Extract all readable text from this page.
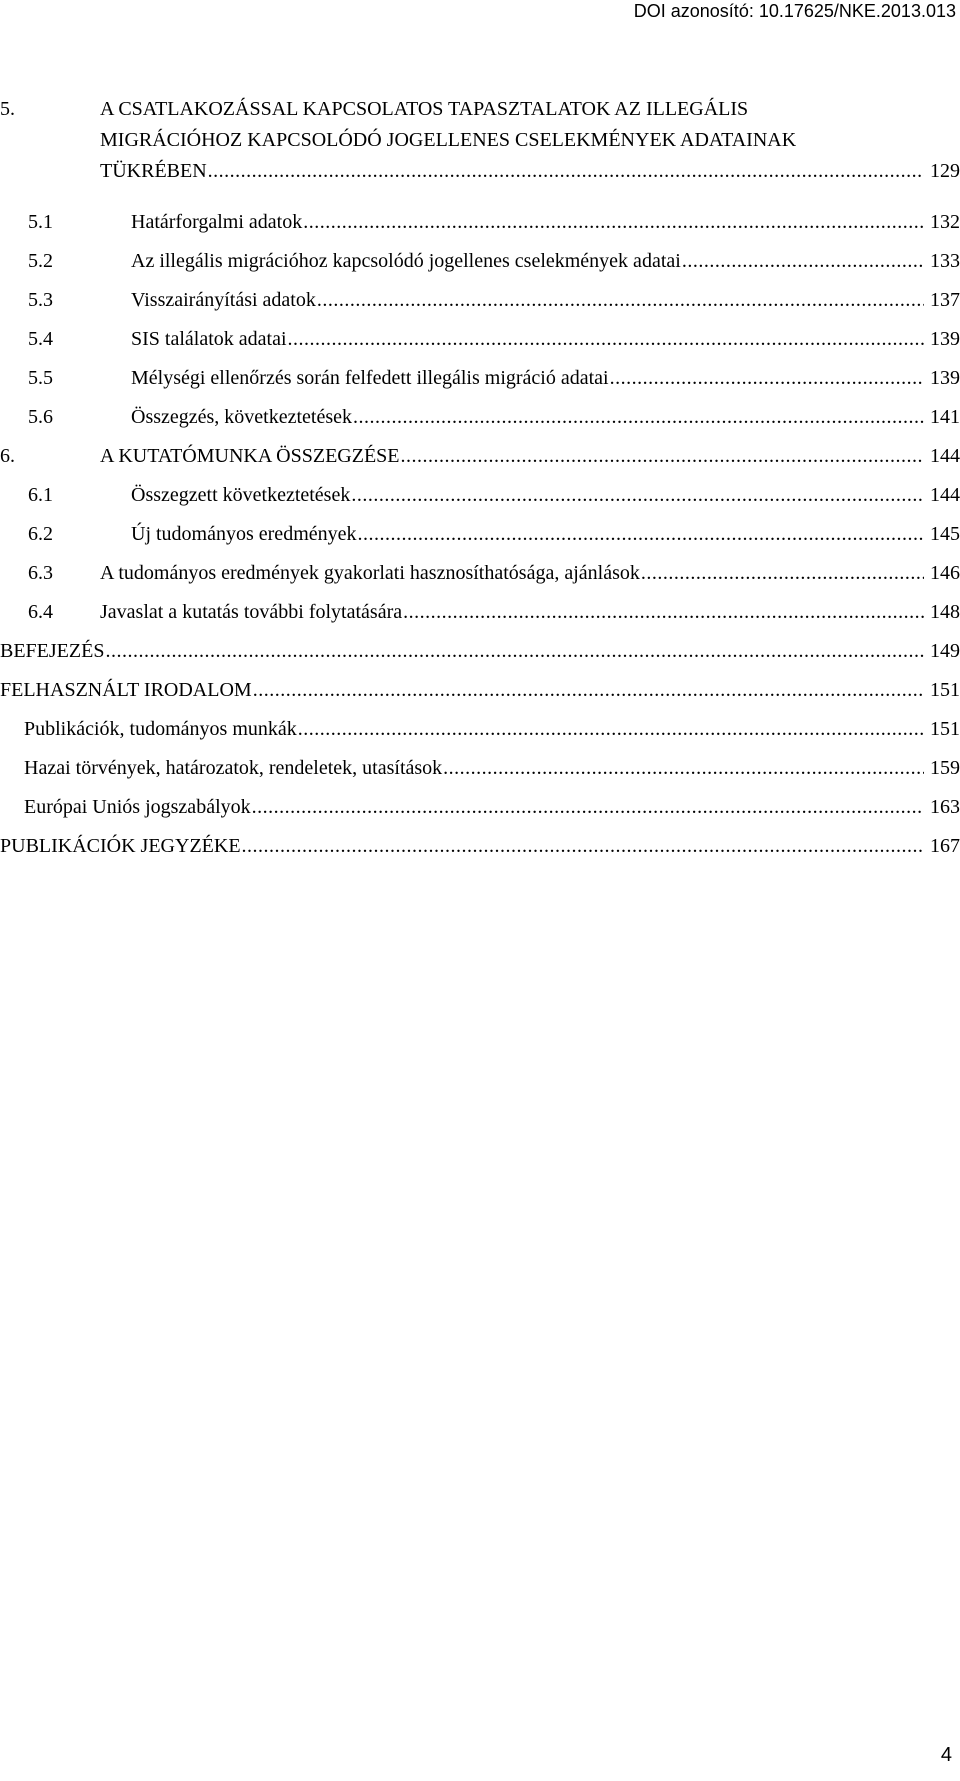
DOI azonosító: 10.17625/NKE.2013.013
5.	A CSATLAKOZÁSSAL KAPCSOLATOS TAPASZTALATOK AZ ILLEGÁLIS
MIGRÁCIÓHOZ KAPCSOLÓDÓ JOGELLENES CSELEKMÉNYEK ADATAINAK
TÜKRÉBEN .....	129
5.1	Határforgalmi adatok .....	132
5.2	Az illegális migrációhoz kapcsolódó jogellenes cselekmények adatai .....	133
5.3	Visszairányítási adatok .....	137
5.4	SIS találatok adatai .....	139
5.5	Mélységi ellenőrzés során felfedett illegális migráció adatai .....	139
5.6	Összegzés, következtetések .....	141
6.	A KUTATÓMUNKA ÖSSZEGZÉSE .....	144
6.1	Összegzett következtetések .....	144
6.2	Új tudományos eredmények .....	145
6.3 A tudományos eredmények gyakorlati hasznosíthatósága, ajánlások .....	146
6.4 Javaslat a kutatás további folytatására .....	148
BEFEJEZÉS .....	149
FELHASZNÁLT IRODALOM .....	151
Publikációk, tudományos munkák .....	151
Hazai törvények, határozatok, rendeletek, utasítások .....	159
Európai Uniós jogszabályok .....	163
PUBLIKÁCIÓK JEGYZÉKE .....	167
4
